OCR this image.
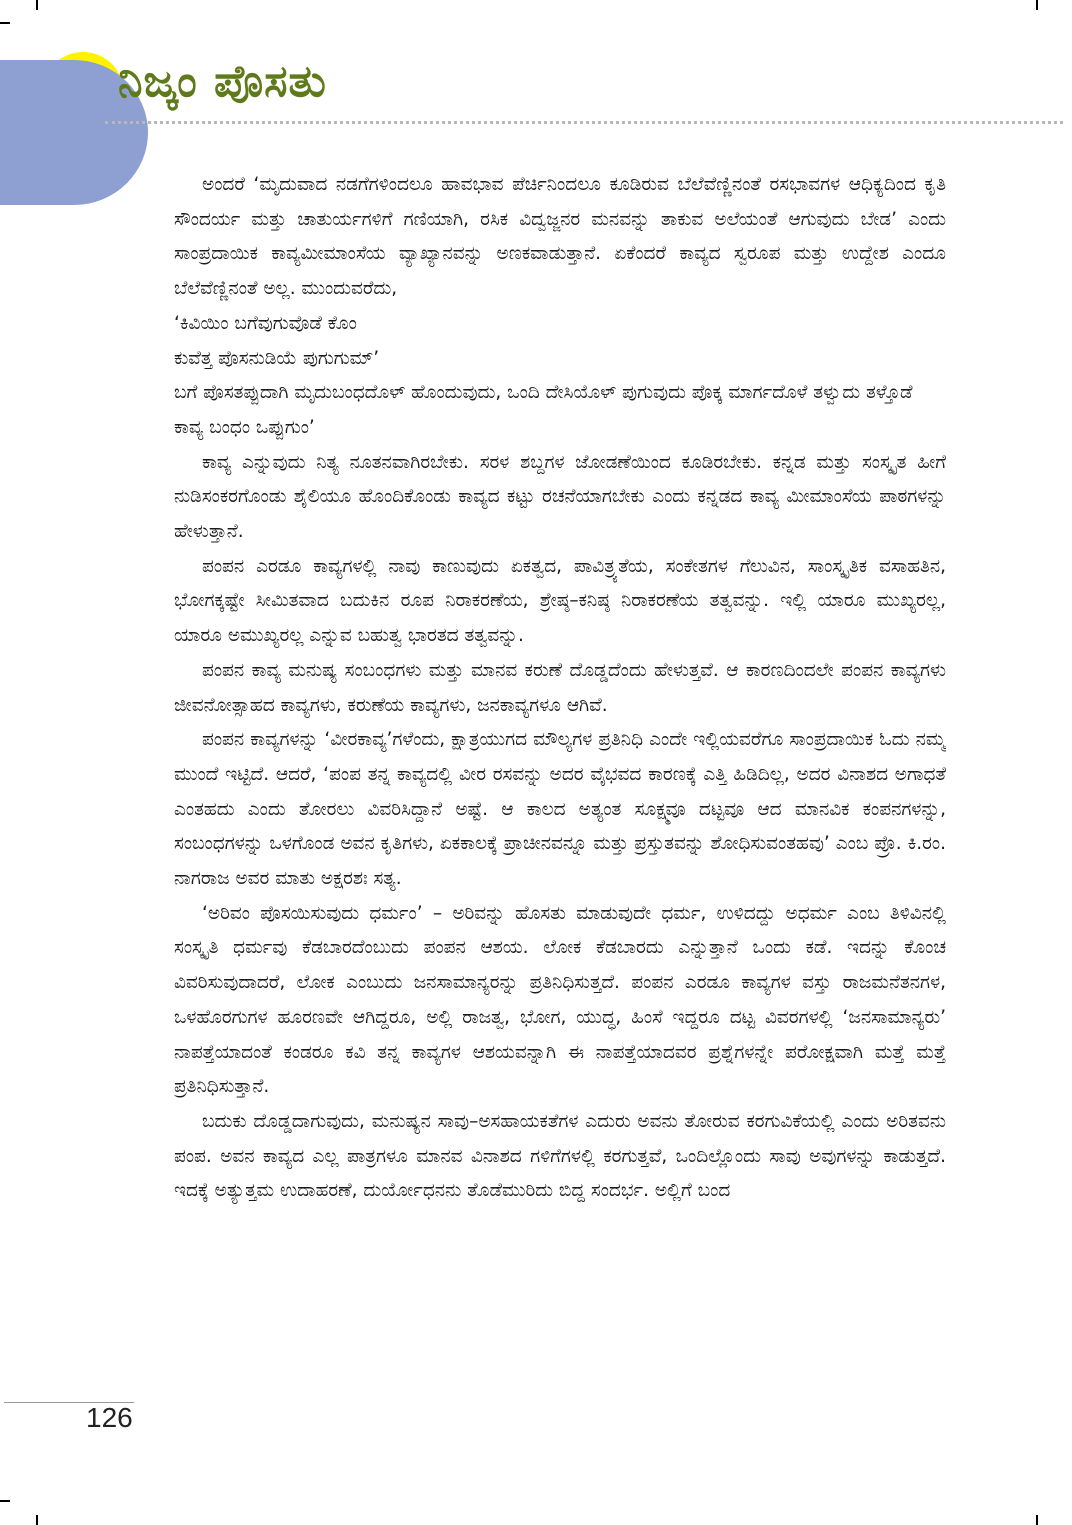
ನಿಜ್ಕಂ ಪೊಸತು

ಅಂದರೆ ‘ಮೃದುವಾದ ನಡಗೆಗಳಿಂದಲೂ ಹಾವಭಾವ ಪೆರ್ಚಿನಿಂದಲೂ ಕೂಡಿರುವ ಬೆಲೆವೆಣ್ಣಿನಂತೆ ರಸಭಾವಗಳ ಆಧಿಕ್ಯದಿಂದ ಕೃತಿ ಸೌಂದರ್ಯ ಮತ್ತು ಚಾತುರ್ಯಗಳಿಗೆ ಗಣಿಯಾಗಿ, ರಸಿಕ ವಿದ್ವಜ್ಜನರ ಮನವನ್ನು ತಾಕುವ ಅಲೆಯಂತೆ ಆಗುವುದು ಬೇಡ’ ಎಂದು ಸಾಂಪ್ರದಾಯಿಕ ಕಾವ್ಯಮೀಮಾಂಸೆಯ ವ್ಯಾಖ್ಯಾನವನ್ನು ಅಣಕವಾಡುತ್ತಾನೆ. ಏಕೆಂದರೆ ಕಾವ್ಯದ ಸ್ವರೂಪ ಮತ್ತು ಉದ್ದೇಶ ಎಂದೂ ಬೆಲೆವೆಣ್ಣಿನಂತೆ ಅಲ್ಲ. ಮುಂದುವರೆದು,

‘ಕಿವಿಯಿಂ ಬಗೆವುಗುವೊಡೆ ಕೊಂ

ಕುವೆತ್ತ ಪೊಸನುಡಿಯೆ ಪುಗುಗುಮ್’

ಬಗೆ ಪೊಸತಪ್ಪುದಾಗಿ ಮೃದುಬಂಧದೊಳ್ ಹೊಂದುವುದು, ಒಂದಿ ದೇಸಿಯೊಳ್ ಪುಗುವುದು ಪೊಕ್ಕ ಮಾರ್ಗದೊಳೆ ತಳ್ವುದು ತಳ್ತೊಡೆ ಕಾವ್ಯ ಬಂಧಂ ಒಪ್ಪುಗುಂ’

ಕಾವ್ಯ ಎನ್ನುವುದು ನಿತ್ಯ ನೂತನವಾಗಿರಬೇಕು. ಸರಳ ಶಬ್ದಗಳ ಜೋಡಣೆಯಿಂದ ಕೂಡಿರಬೇಕು. ಕನ್ನಡ ಮತ್ತು ಸಂಸ್ಕೃತ ಹೀಗೆ ನುಡಿಸಂಕರಗೊಂಡು ಶೈಲಿಯೂ ಹೊಂದಿಕೊಂಡು ಕಾವ್ಯದ ಕಟ್ಟು ರಚನೆಯಾಗಬೇಕು ಎಂದು ಕನ್ನಡದ ಕಾವ್ಯ ಮೀಮಾಂಸೆಯ ಪಾಠಗಳನ್ನು ಹೇಳುತ್ತಾನೆ.

ಪಂಪನ ಎರಡೂ ಕಾವ್ಯಗಳಲ್ಲಿ ನಾವು ಕಾಣುವುದು ಏಕತ್ವದ, ಪಾವಿತ್ರ್ಯತೆಯ, ಸಂಕೇತಗಳ ಗೆಲುವಿನ, ಸಾಂಸ್ಕೃತಿಕ ವಸಾಹತಿನ, ಭೋಗಕ್ಕಷ್ಟೇ ಸೀಮಿತವಾದ ಬದುಕಿನ ರೂಪ ನಿರಾಕರಣೆಯ, ಶ್ರೇಷ್ಠ–ಕನಿಷ್ಠ ನಿರಾಕರಣೆಯ ತತ್ವವನ್ನು. ಇಲ್ಲಿ ಯಾರೂ ಮುಖ್ಯರಲ್ಲ, ಯಾರೂ ಅಮುಖ್ಯರಲ್ಲ ಎನ್ನುವ ಬಹುತ್ವ ಭಾರತದ ತತ್ವವನ್ನು.

ಪಂಪನ ಕಾವ್ಯ ಮನುಷ್ಯ ಸಂಬಂಧಗಳು ಮತ್ತು ಮಾನವ ಕರುಣೆ ದೊಡ್ಡದೆಂದು ಹೇಳುತ್ತವೆ. ಆ ಕಾರಣದಿಂದಲೇ ಪಂಪನ ಕಾವ್ಯಗಳು ಜೀವನೋತ್ಸಾಹದ ಕಾವ್ಯಗಳು, ಕರುಣೆಯ ಕಾವ್ಯಗಳು, ಜನಕಾವ್ಯಗಳೂ ಆಗಿವೆ.

ಪಂಪನ ಕಾವ್ಯಗಳನ್ನು ‘ವೀರಕಾವ್ಯ’ಗಳೆಂದು, ಕ್ಷಾತ್ರಯುಗದ ಮೌಲ್ಯಗಳ ಪ್ರತಿನಿಧಿ ಎಂದೇ ಇಲ್ಲಿಯವರೆಗೂ ಸಾಂಪ್ರದಾಯಿಕ ಓದು ನಮ್ಮ ಮುಂದೆ ಇಟ್ಟಿದೆ. ಆದರೆ, ‘ಪಂಪ ತನ್ನ ಕಾವ್ಯದಲ್ಲಿ ವೀರ ರಸವನ್ನು ಅದರ ವೈಭವದ ಕಾರಣಕ್ಕೆ ಎತ್ತಿ ಹಿಡಿದಿಲ್ಲ, ಅದರ ವಿನಾಶದ ಅಗಾಧತೆ ಎಂತಹದು ಎಂದು ತೋರಲು ವಿವರಿಸಿದ್ದಾನೆ ಅಷ್ಟೆ. ಆ ಕಾಲದ ಅತ್ಯಂತ ಸೂಕ್ಷ್ಮವೂ ದಟ್ಟವೂ ಆದ ಮಾನವಿಕ ಕಂಪನಗಳನ್ನು, ಸಂಬಂಧಗಳನ್ನು ಒಳಗೊಂಡ ಅವನ ಕೃತಿಗಳು, ಏಕಕಾಲಕ್ಕೆ ಪ್ರಾಚೀನವನ್ನೂ ಮತ್ತು ಪ್ರಸ್ತುತವನ್ನು ಶೋಧಿಸುವಂತಹವು’ ಎಂಬ ಪ್ರೊ. ಕಿ.ರಂ. ನಾಗರಾಜ ಅವರ ಮಾತು ಅಕ್ಷರಶಃ ಸತ್ಯ.

‘ಅರಿವಂ ಪೊಸಯಿಸುವುದು ಧರ್ಮಂ’ – ಅರಿವನ್ನು ಹೊಸತು ಮಾಡುವುದೇ ಧರ್ಮ, ಉಳಿದದ್ದು ಅಧರ್ಮ ಎಂಬ ತಿಳಿವಿನಲ್ಲಿ ಸಂಸ್ಕೃತಿ ಧರ್ಮವು ಕೆಡಬಾರದೆಂಬುದು ಪಂಪನ ಆಶಯ. ಲೋಕ ಕೆಡಬಾರದು ಎನ್ನುತ್ತಾನೆ ಒಂದು ಕಡೆ. ಇದನ್ನು ಕೊಂಚ ವಿವರಿಸುವುದಾದರೆ, ಲೋಕ ಎಂಬುದು ಜನಸಾಮಾನ್ಯರನ್ನು ಪ್ರತಿನಿಧಿಸುತ್ತದೆ. ಪಂಪನ ಎರಡೂ ಕಾವ್ಯಗಳ ವಸ್ತು ರಾಜಮನೆತನಗಳ, ಒಳಹೊರಗುಗಳ ಹೂರಣವೇ ಆಗಿದ್ದರೂ, ಅಲ್ಲಿ ರಾಜತ್ವ, ಭೋಗ, ಯುದ್ಧ, ಹಿಂಸೆ ಇದ್ದರೂ ದಟ್ಟ ವಿವರಗಳಲ್ಲಿ ‘ಜನಸಾಮಾನ್ಯರು’ ನಾಪತ್ತೆಯಾದಂತೆ ಕಂಡರೂ ಕವಿ ತನ್ನ ಕಾವ್ಯಗಳ ಆಶಯವನ್ನಾಗಿ ಈ ನಾಪತ್ತೆಯಾದವರ ಪ್ರಶ್ನೆಗಳನ್ನೇ ಪರೋಕ್ಷವಾಗಿ ಮತ್ತೆ ಮತ್ತೆ ಪ್ರತಿನಿಧಿಸುತ್ತಾನೆ.

ಬದುಕು ದೊಡ್ಡದಾಗುವುದು, ಮನುಷ್ಯನ ಸಾವು–ಅಸಹಾಯಕತೆಗಳ ಎದುರು ಅವನು ತೋರುವ ಕರಗುವಿಕೆಯಲ್ಲಿ ಎಂದು ಅರಿತವನು ಪಂಪ. ಅವನ ಕಾವ್ಯದ ಎಲ್ಲ ಪಾತ್ರಗಳೂ ಮಾನವ ವಿನಾಶದ ಗಳಿಗೆಗಳಲ್ಲಿ ಕರಗುತ್ತವೆ, ಒಂದಿಲ್ಲೊಂದು ಸಾವು ಅವುಗಳನ್ನು ಕಾಡುತ್ತದೆ. ಇದಕ್ಕೆ ಅತ್ಯುತ್ತಮ ಉದಾಹರಣೆ, ದುರ್ಯೋಧನನು ತೊಡೆಮುರಿದು ಬಿದ್ದ ಸಂದರ್ಭ. ಅಲ್ಲಿಗೆ ಬಂದ

126
